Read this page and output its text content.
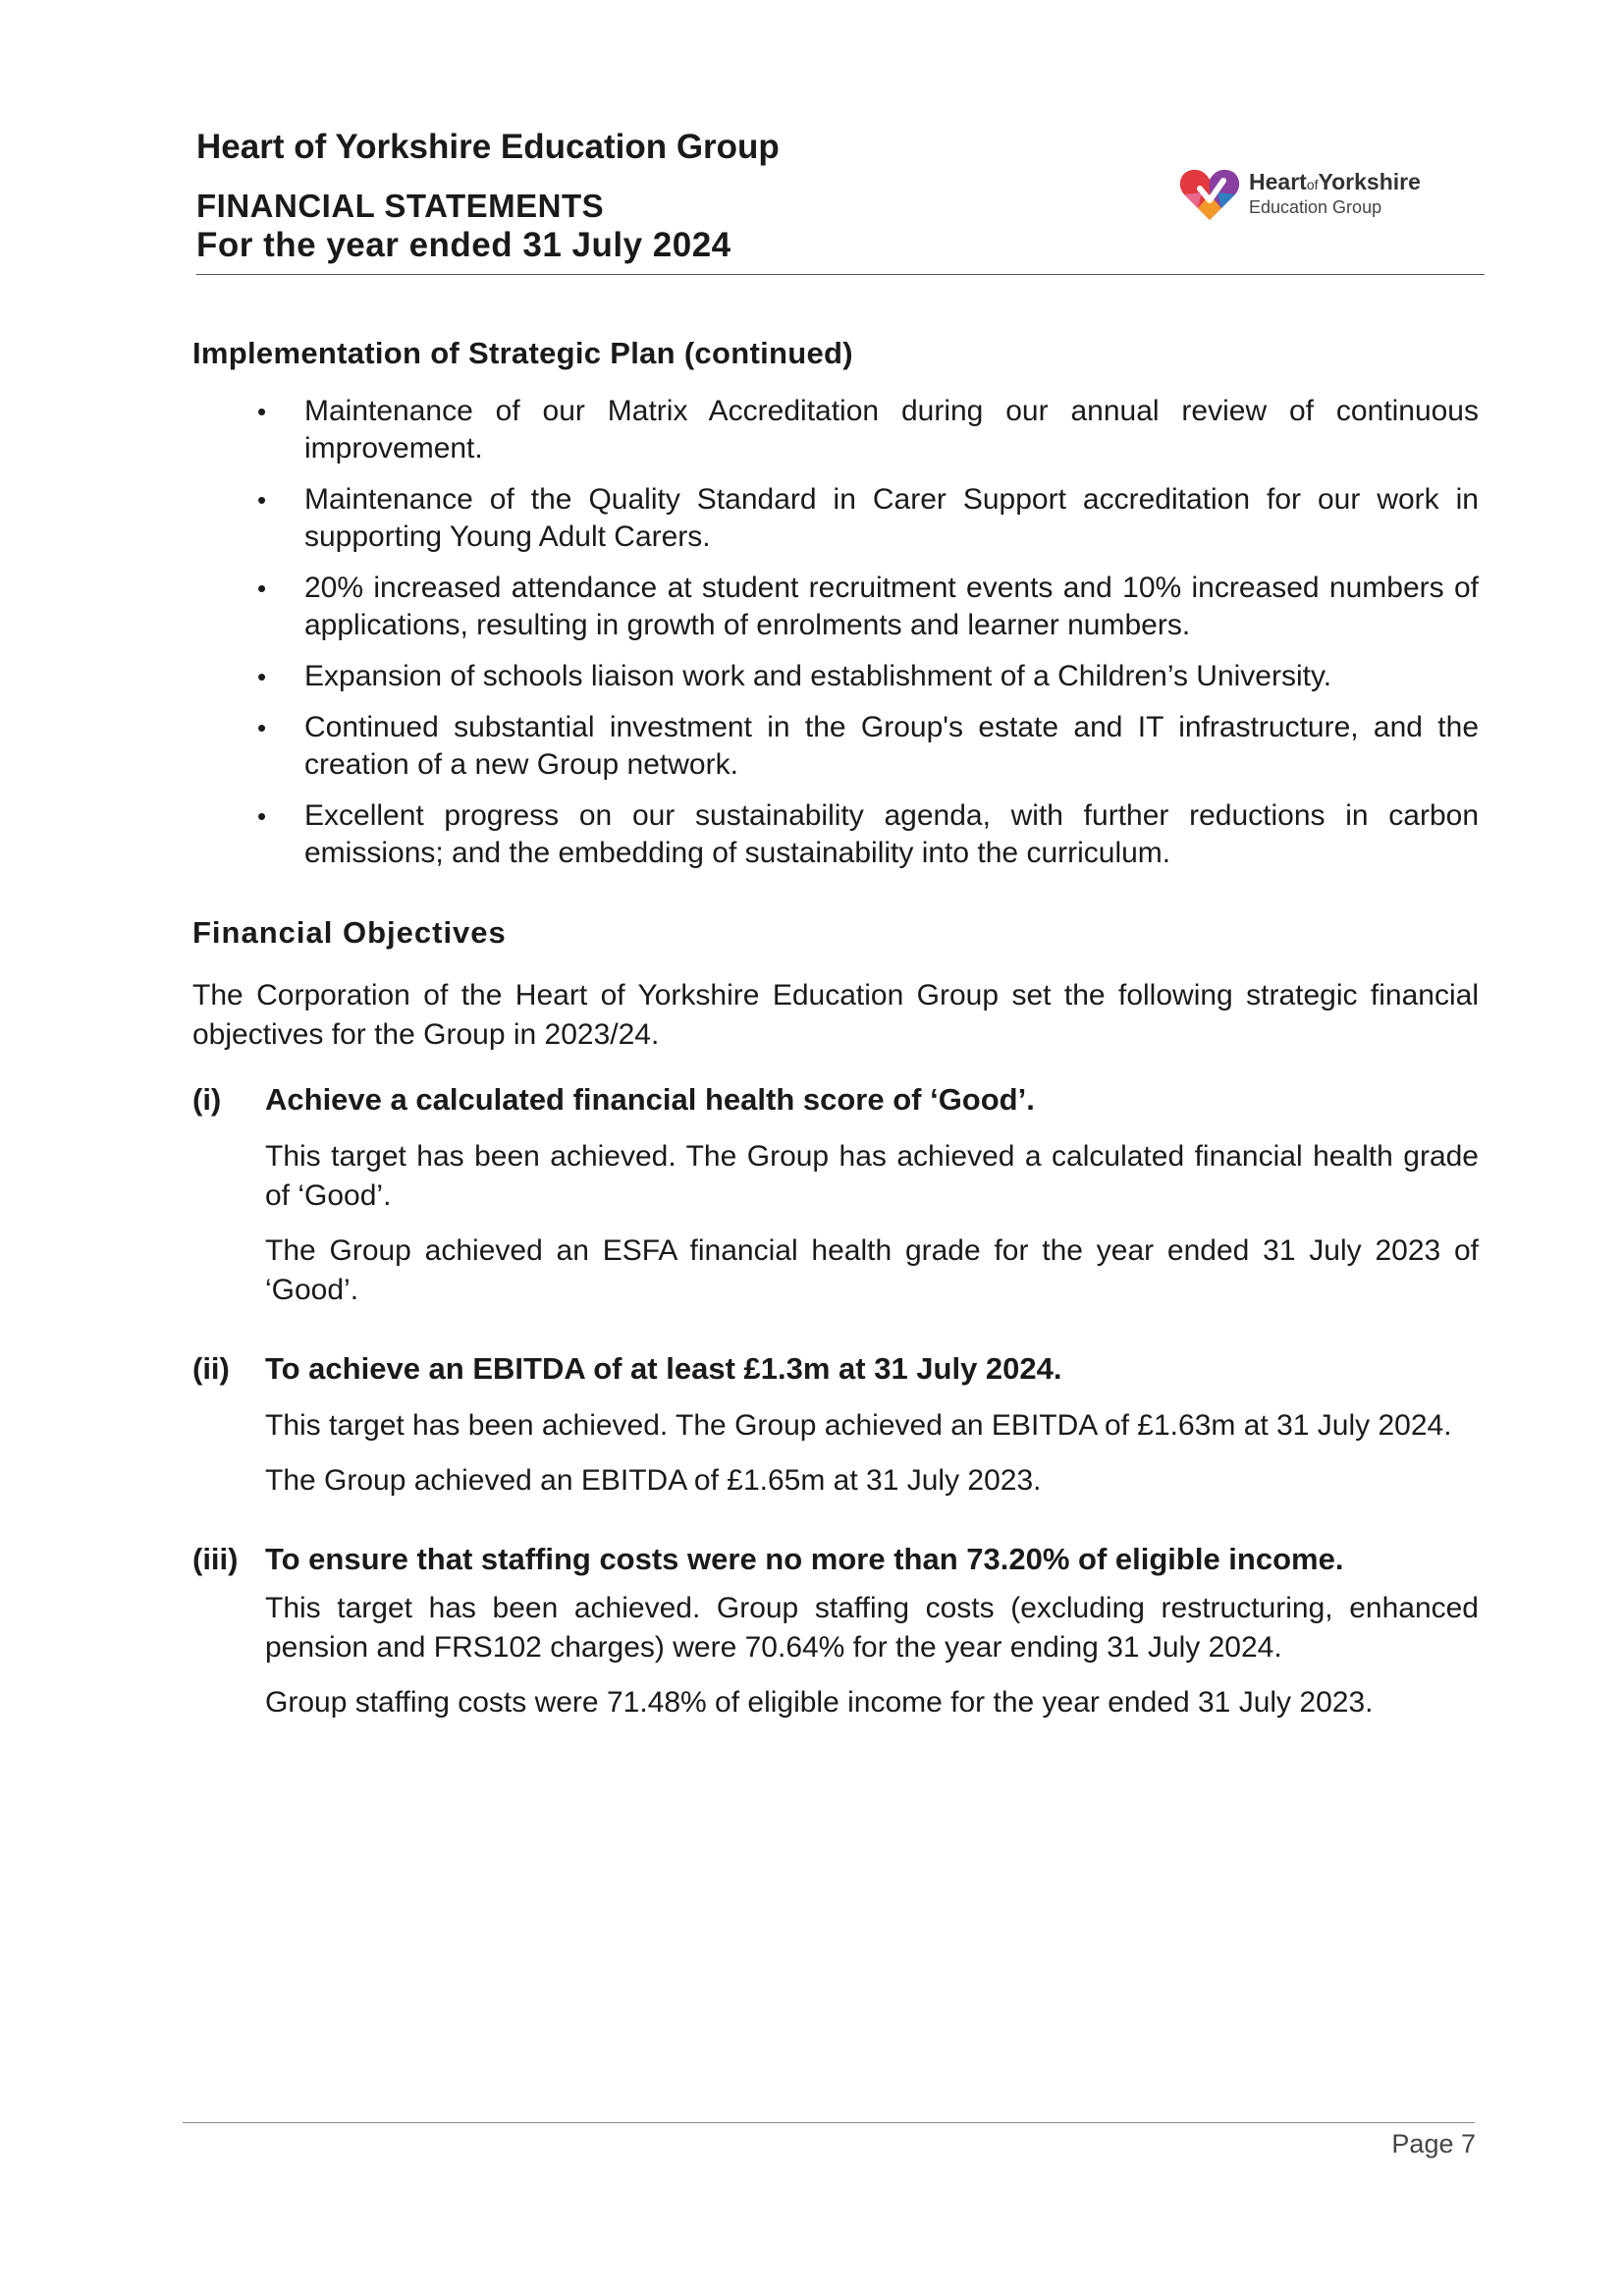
Heart of Yorkshire Education Group
FINANCIAL STATEMENTS
For the year ended 31 July 2024
HeartofYorkshire
Education Group
Implementation of Strategic Plan (continued)
• Maintenance of our Matrix Accreditation during our annual review of continuous improvement.
• Maintenance of the Quality Standard in Carer Support accreditation for our work in supporting Young Adult Carers.
• 20% increased attendance at student recruitment events and 10% increased numbers of applications, resulting in growth of enrolments and learner numbers.
• Expansion of schools liaison work and establishment of a Children’s University.
• Continued substantial investment in the Group's estate and IT infrastructure, and the creation of a new Group network.
• Excellent progress on our sustainability agenda, with further reductions in carbon emissions; and the embedding of sustainability into the curriculum.
Financial Objectives

The Corporation of the Heart of Yorkshire Education Group set the following strategic financial objectives for the Group in 2023/24.

(i)	Achieve a calculated financial health score of ‘Good’.

This target has been achieved. The Group has achieved a calculated financial health grade of ‘Good’.

The Group achieved an ESFA financial health grade for the year ended 31 July 2023 of ‘Good’.

(ii)	To achieve an EBITDA of at least £1.3m at 31 July 2024.

This target has been achieved. The Group achieved an EBITDA of £1.63m at 31 July 2024.

The Group achieved an EBITDA of £1.65m at 31 July 2023.

(iii) To ensure that staffing costs were no more than 73.20% of eligible income.

This target has been achieved. Group staffing costs (excluding restructuring, enhanced pension and FRS102 charges) were 70.64% for the year ending 31 July 2024.

Group staffing costs were 71.48% of eligible income for the year ended 31 July 2023.

Page 7
